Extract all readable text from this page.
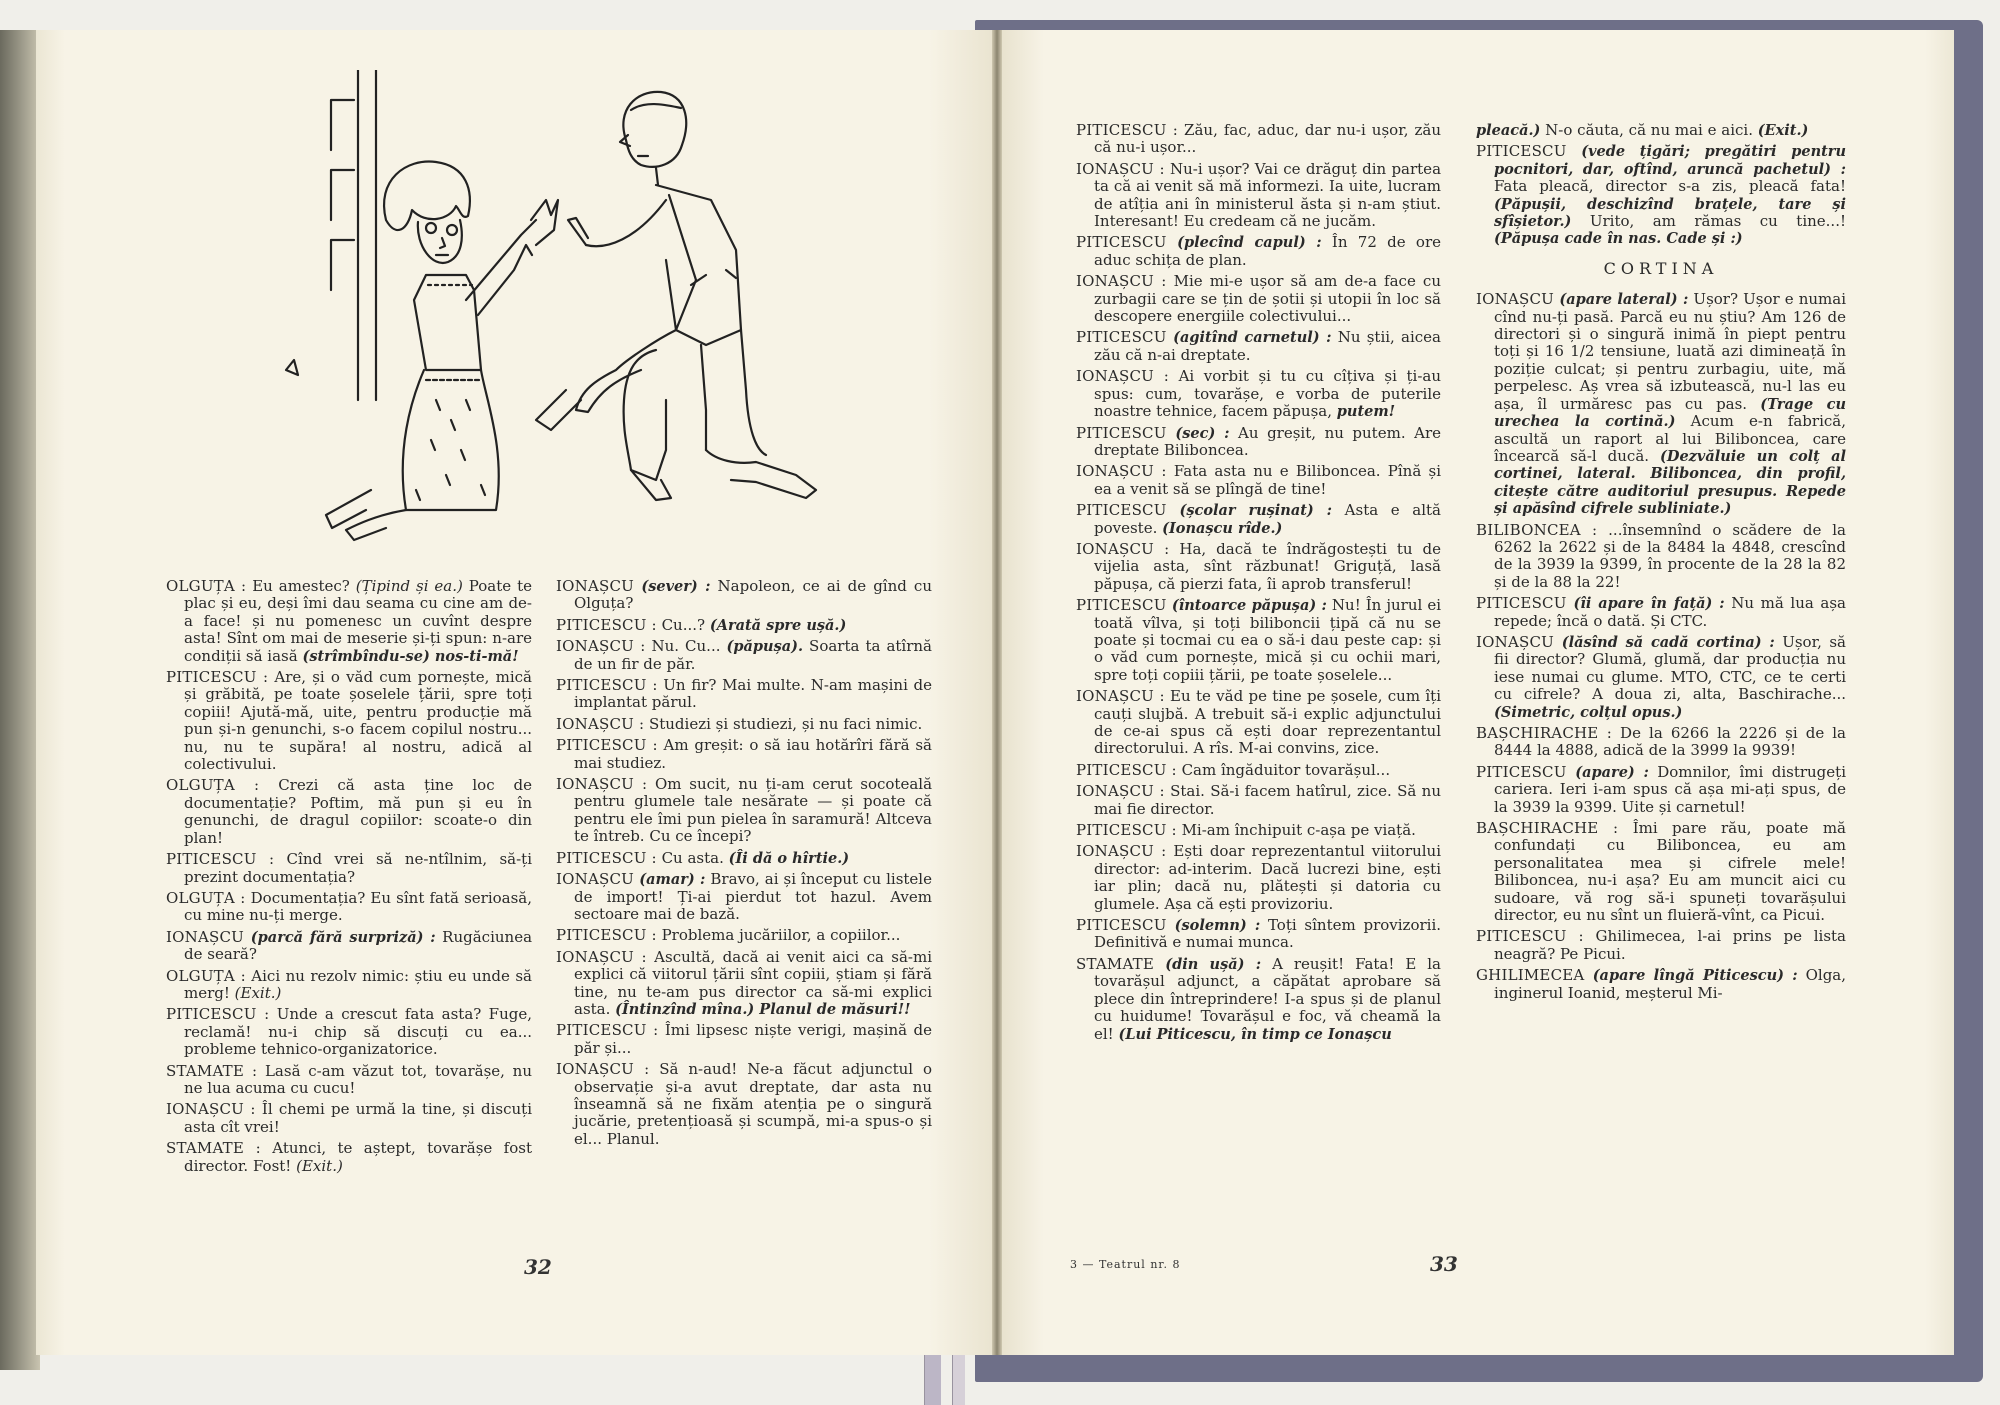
OLGUȚA : Eu amestec? (Țipind și ea.) Poate te plac și eu, deși îmi dau seama cu cine am de-a face! și nu pomenesc un cuvînt despre asta! Sînt om mai de meserie și-ți spun: n-are condiții să iasă (strîmbîndu-se) nos-ti-mă!

PITICESCU : Are, și o văd cum pornește, mică și grăbită, pe toate șoselele țării, spre toți copiii! Ajută-mă, uite, pentru producție mă pun și-n genunchi, s-o facem copilul nostru... nu, nu te supăra! al nostru, adică al colectivului.

OLGUȚA : Crezi că asta ține loc de documentație? Poftim, mă pun și eu în genunchi, de dragul copiilor: scoate-o din plan!

PITICESCU : Cînd vrei să ne-ntîlnim, să-ți prezint documentația?

OLGUȚA : Documentația? Eu sînt fată serioasă, cu mine nu-ți merge.

IONAȘCU (parcă fără surpriză) : Rugăciunea de seară?

OLGUȚA : Aici nu rezolv nimic: știu eu unde să merg! (Exit.)

PITICESCU : Unde a crescut fata asta? Fuge, reclamă! nu-i chip să discuți cu ea... probleme tehnico-organizatorice.

STAMATE : Lasă c-am văzut tot, tovarășe, nu ne lua acuma cu cucu!

IONAȘCU : Îl chemi pe urmă la tine, și discuți asta cît vrei!

STAMATE : Atunci, te aștept, tovarășe fost director. Fost! (Exit.)

IONAȘCU (sever) : Napoleon, ce ai de gînd cu Olguța?

PITICESCU : Cu...? (Arată spre ușă.)

IONAȘCU : Nu. Cu... (păpușa). Soarta ta atîrnă de un fir de păr.

PITICESCU : Un fir? Mai multe. N-am mașini de implantat părul.

IONAȘCU : Studiezi și studiezi, și nu faci nimic.

PITICESCU : Am greșit: o să iau hotărîri fără să mai studiez.

IONAȘCU : Om sucit, nu ți-am cerut socoteală pentru glumele tale nesărate — și poate că pentru ele îmi pun pielea în saramură! Altceva te întreb. Cu ce începi?

PITICESCU : Cu asta. (Îi dă o hîrtie.)

IONAȘCU (amar) : Bravo, ai și început cu listele de import! Ți-ai pierdut tot hazul. Avem sectoare mai de bază.

PITICESCU : Problema jucăriilor, a copiilor...

IONAȘCU : Ascultă, dacă ai venit aici ca să-mi explici că viitorul țării sînt copiii, știam și fără tine, nu te-am pus director ca să-mi explici asta. (Întinzînd mîna.) Planul de măsuri!!

PITICESCU : Îmi lipsesc niște verigi, mașină de păr și...

IONAȘCU : Să n-aud! Ne-a făcut adjunctul o observație și-a avut dreptate, dar asta nu înseamnă să ne fixăm atenția pe o singură jucărie, pretențioasă și scumpă, mi-a spus-o și el... Planul.

32

PITICESCU : Zău, fac, aduc, dar nu-i ușor, zău că nu-i ușor...

IONAȘCU : Nu-i ușor? Vai ce drăguț din partea ta că ai venit să mă informezi. Ia uite, lucram de atîția ani în ministerul ăsta și n-am știut. Interesant! Eu credeam că ne jucăm.

PITICESCU (plecînd capul) : În 72 de ore aduc schița de plan.

IONAȘCU : Mie mi-e ușor să am de-a face cu zurbagii care se țin de șotii și utopii în loc să descopere energiile colectivului...

PITICESCU (agitînd carnetul) : Nu știi, aicea zău că n-ai dreptate.

IONAȘCU : Ai vorbit și tu cu cîțiva și ți-au spus: cum, tovarășe, e vorba de puterile noastre tehnice, facem păpușa, putem!

PITICESCU (sec) : Au greșit, nu putem. Are dreptate Biliboncea.

IONAȘCU : Fata asta nu e Biliboncea. Pînă și ea a venit să se plîngă de tine!

PITICESCU (școlar rușinat) : Asta e altă poveste. (Ionașcu rîde.)

IONAȘCU : Ha, dacă te îndrăgostești tu de vijelia asta, sînt răzbunat! Griguță, lasă păpușa, că pierzi fata, îi aprob transferul!

PITICESCU (întoarce păpușa) : Nu! În jurul ei toată vîlva, și toți biliboncii țipă că nu se poate și tocmai cu ea o să-i dau peste cap: și o văd cum pornește, mică și cu ochii mari, spre toți copiii țării, pe toate șoselele...

IONAȘCU : Eu te văd pe tine pe șosele, cum îți cauți slujbă. A trebuit să-i explic adjunctului de ce-ai spus că ești doar reprezentantul directorului. A rîs. M-ai convins, zice.

PITICESCU : Cam îngăduitor tovarășul...

IONAȘCU : Stai. Să-i facem hatîrul, zice. Să nu mai fie director.

PITICESCU : Mi-am închipuit c-așa pe viață.

IONAȘCU : Ești doar reprezentantul viitorului director: ad-interim. Dacă lucrezi bine, ești iar plin; dacă nu, plătești și datoria cu glumele. Așa că ești provizoriu.

PITICESCU (solemn) : Toți sîntem provizorii. Definitivă e numai munca.

STAMATE (din ușă) : A reușit! Fata! E la tovarășul adjunct, a căpătat aprobare să plece din întreprindere! I-a spus și de planul cu huidume! Tovarășul e foc, vă cheamă la el! (Lui Piticescu, în timp ce Ionașcu

pleacă.) N-o căuta, că nu mai e aici. (Exit.)

PITICESCU (vede țigări; pregătiri pentru pocnitori, dar, oftînd, aruncă pachetul) : Fata pleacă, director s-a zis, pleacă fata! (Păpușii, deschizînd brațele, tare și sfîșietor.) Urito, am rămas cu tine...! (Păpușa cade în nas. Cade și :)

CORTINA

IONAȘCU (apare lateral) : Ușor? Ușor e numai cînd nu-ți pasă. Parcă eu nu știu? Am 126 de directori și o singură inimă în piept pentru toți și 16 1/2 tensiune, luată azi dimineață în poziție culcat; și pentru zurbagiu, uite, mă perpelesc. Aș vrea să izbutească, nu-l las eu așa, îl urmăresc pas cu pas. (Trage cu urechea la cortină.) Acum e-n fabrică, ascultă un raport al lui Biliboncea, care încearcă să-l ducă. (Dezvăluie un colț al cortinei, lateral. Biliboncea, din profil, citește către auditoriul presupus. Repede și apăsînd cifrele subliniate.)

BILIBONCEA : ...însemnînd o scădere de la 6262 la 2622 și de la 8484 la 4848, crescînd de la 3939 la 9399, în procente de la 28 la 82 și de la 88 la 22!

PITICESCU (îi apare în față) : Nu mă lua așa repede; încă o dată. Și CTC.

IONAȘCU (lăsînd să cadă cortina) : Ușor, să fii director? Glumă, glumă, dar producția nu iese numai cu glume. MTO, CTC, ce te certi cu cifrele? A doua zi, alta, Baschirache... (Simetric, colțul opus.)

BAȘCHIRACHE : De la 6266 la 2226 și de la 8444 la 4888, adică de la 3999 la 9939!

PITICESCU (apare) : Domnilor, îmi distrugeți cariera. Ieri i-am spus că așa mi-ați spus, de la 3939 la 9399. Uite și carnetul!

BAȘCHIRACHE : Îmi pare rău, poate mă confundați cu Biliboncea, eu am personalitatea mea și cifrele mele! Biliboncea, nu-i așa? Eu am muncit aici cu sudoare, vă rog să-i spuneți tovarășului director, eu nu sînt un fluieră-vînt, ca Picui.

PITICESCU : Ghilimecea, l-ai prins pe lista neagră? Pe Picui.

GHILIMECEA (apare lîngă Piticescu) : Olga, inginerul Ioanid, meșterul Mi-

3 — Teatrul nr. 8	33
